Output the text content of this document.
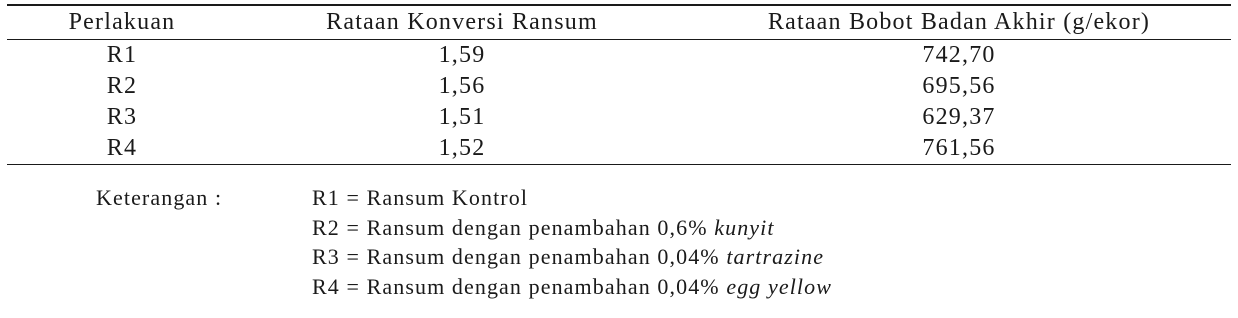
Perlakuan	Rataan Konversi Ransum	Rataan Bobot Badan Akhir (g/ekor)
R1	1,59	742,70
R2	1,56	695,56
R3	1,51	629,37
R4	1,52	761,56
Keterangan :	R1 = Ransum Kontrol
R2 = Ransum dengan penambahan 0,6% kunyit
R3 = Ransum dengan penambahan 0,04% tartrazine
R4 = Ransum dengan penambahan 0,04% egg yellow
